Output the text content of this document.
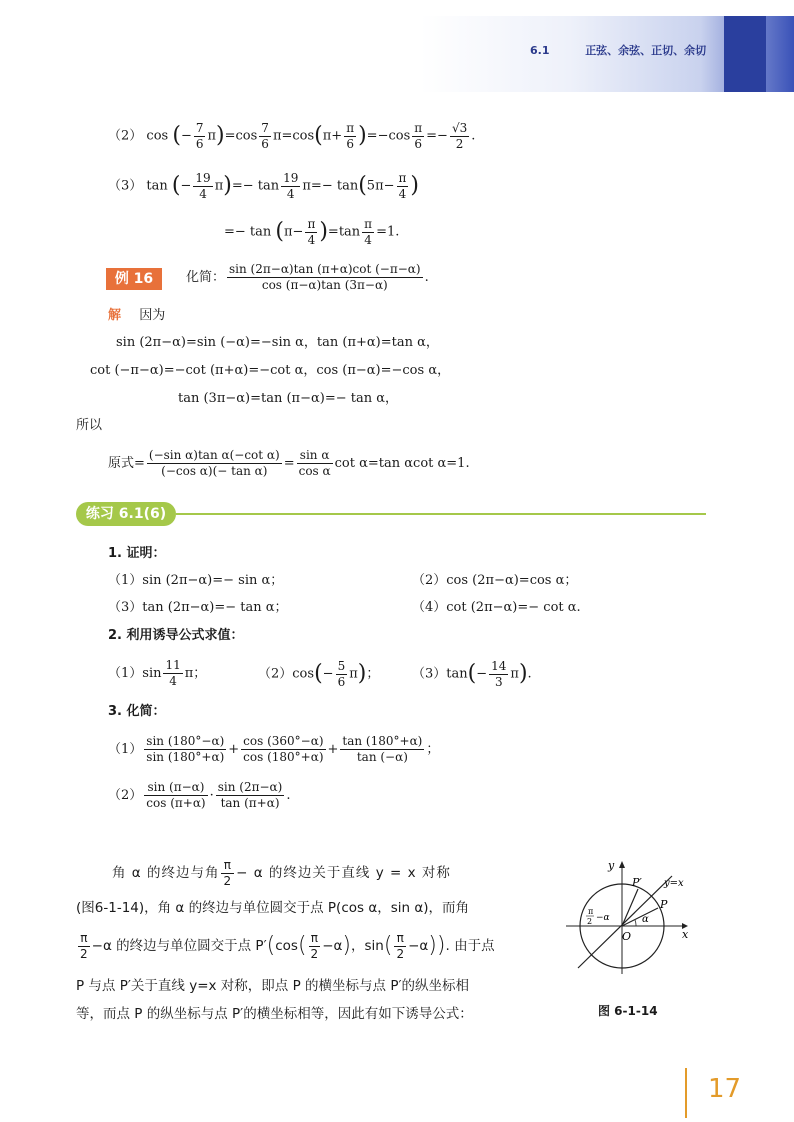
6.1	正弦、余弦、正切、余切
（2） cos (− $\frac{7}{6} \pi)=\cos \frac{7}{6} \pi=\cos(\pi+ \frac{\pi}{6} )=-\cos \frac{\pi}{6} =- \frac{√3}{2}$ .
（3） tan (− $\frac{19}{4} \pi)=- \tan \frac{19}{4} \pi=- \tan(5\pi- \frac{\pi}{4}$ )
=− $\tan (\pi- \frac{\pi}{4} )=\tan \frac{\pi}{4} =1$.
例 16	化简： $\frac{\sin (2\pi-\alpha)\tan (\pi+\alpha)\cot (-\pi-\alpha)}{\cos (\pi-\alpha)\tan (3\pi-\alpha)}$ .
解 因为
sin (2π−α)=sin (−α)=−sin α，tan (π+α)=tan α，
cot (−π−α)=−cot (π+α)=−cot α，cos (π−α)=−cos α，
tan (3π−α)=tan (π−α)=− tan α，
所以
原式= $\frac{\text{(−sin α)tan α(−cot α)}}{\text{(−cos α)(− tan α)}} = \frac{\text{sin α}}{\text{cos α}}$ cot α=tan αcot α=1.
练习 6.1(6)
1. 证明：
（1）sin (2π−α)=− sin α；	（2）cos (2π−α)=cos α；
（3）tan (2π−α)=− tan α；	（4）cot (2π−α)=− cot α.
2. 利用诱导公式求值：
$(1)\sin \frac{11}{4}$ π；	$(2)\cos(- \frac{5}{6} \pi)$；	$(3)\tan(- \frac{14}{3} \pi)$.
3. 化简：
$(1) \frac{\sin (180^\circ-\alpha)}{\sin (180^\circ+\alpha)} + \frac{\cos (360^\circ-\alpha)}{\cos (180^\circ+\alpha)} + \frac{\tan (180^\circ+\alpha)}{\tan (-\alpha)}$ ；
$(2) \frac{\sin (\pi-\alpha)}{\cos (\pi+\alpha)} \cdot \frac{\sin (2\pi-\alpha)}{\tan (\pi+\alpha)}$ .
角 α 的终边与角 $\frac{\pi}{2} - \alpha$ 的终边关于直线 y = x 对称
(图6-1-14)，角 α 的终边与单位圆交于点 P(cos α，sin α)，而角
$\frac{\pi}{2} -\alpha$ 的终边与单位圆交于点 $P'(\cos( \frac{\pi}{2} -\alpha)$，$\sin( \frac{\pi}{2} -\alpha)$). 由于点
P 与点 P′关于直线 y=x 对称，即点 P 的横坐标与点 P′的纵坐标相
等，而点 P 的纵坐标与点 P′的横坐标相等，因此有如下诱导公式：
y
x
O
P
P′ y=x
α
π
2 −α
图 6-1-14
17
